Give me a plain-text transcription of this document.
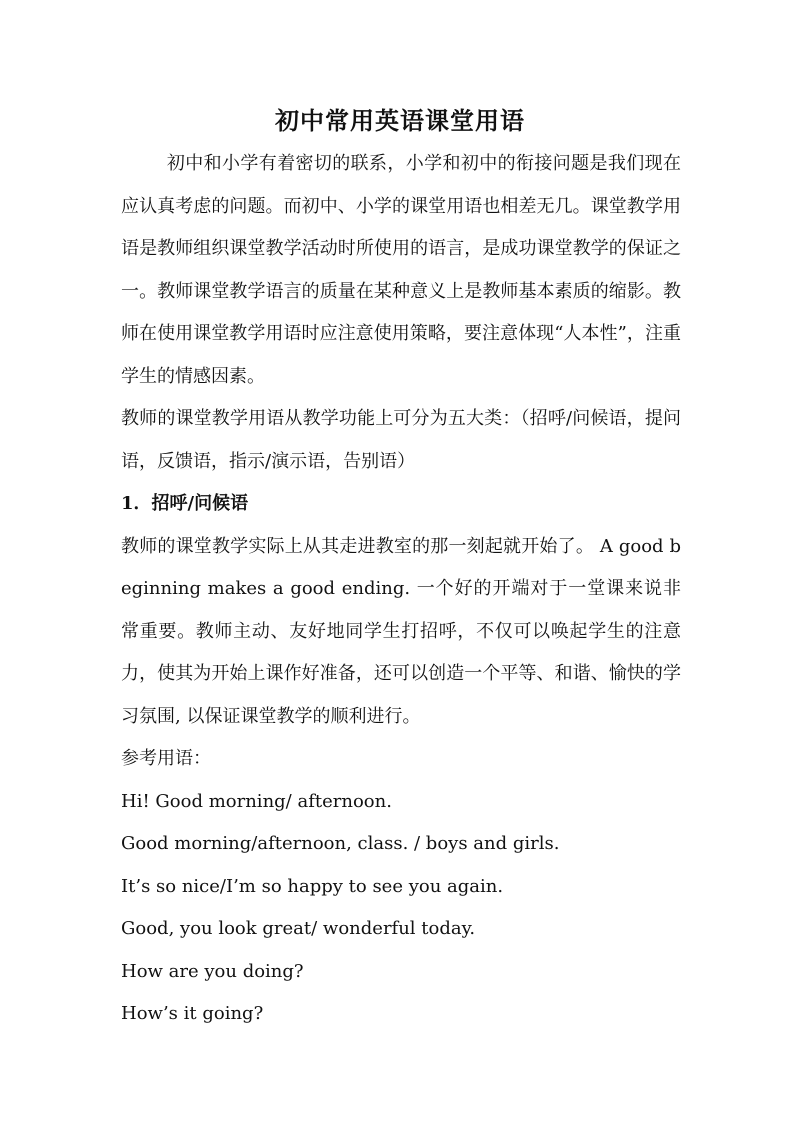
初中常用英语课堂用语

初中和小学有着密切的联系，小学和初中的衔接问题是我们现在应认真考虑的问题。而初中、小学的课堂用语也相差无几。课堂教学用语是教师组织课堂教学活动时所使用的语言，是成功课堂教学的保证之一。教师课堂教学语言的质量在某种意义上是教师基本素质的缩影。教师在使用课堂教学用语时应注意使用策略，要注意体现“人本性”，注重学生的情感因素。

教师的课堂教学用语从教学功能上可分为五大类：（招呼/问候语，提问语，反馈语，指示/演示语，告别语）

1．招呼/问候语

教师的课堂教学实际上从其走进教室的那一刻起就开始了。 A good beginning makes a good ending. 一个好的开端对于一堂课来说非常重要。教师主动、友好地同学生打招呼，不仅可以唤起学生的注意力，使其为开始上课作好准备，还可以创造一个平等、和谐、愉快的学习氛围, 以保证课堂教学的顺利进行。

参考用语：

Hi! Good morning/ afternoon.

Good morning/afternoon, class. / boys and girls.

It’s so nice/I’m so happy to see you again.

Good, you look great/ wonderful today.

How are you doing?

How’s it going?
